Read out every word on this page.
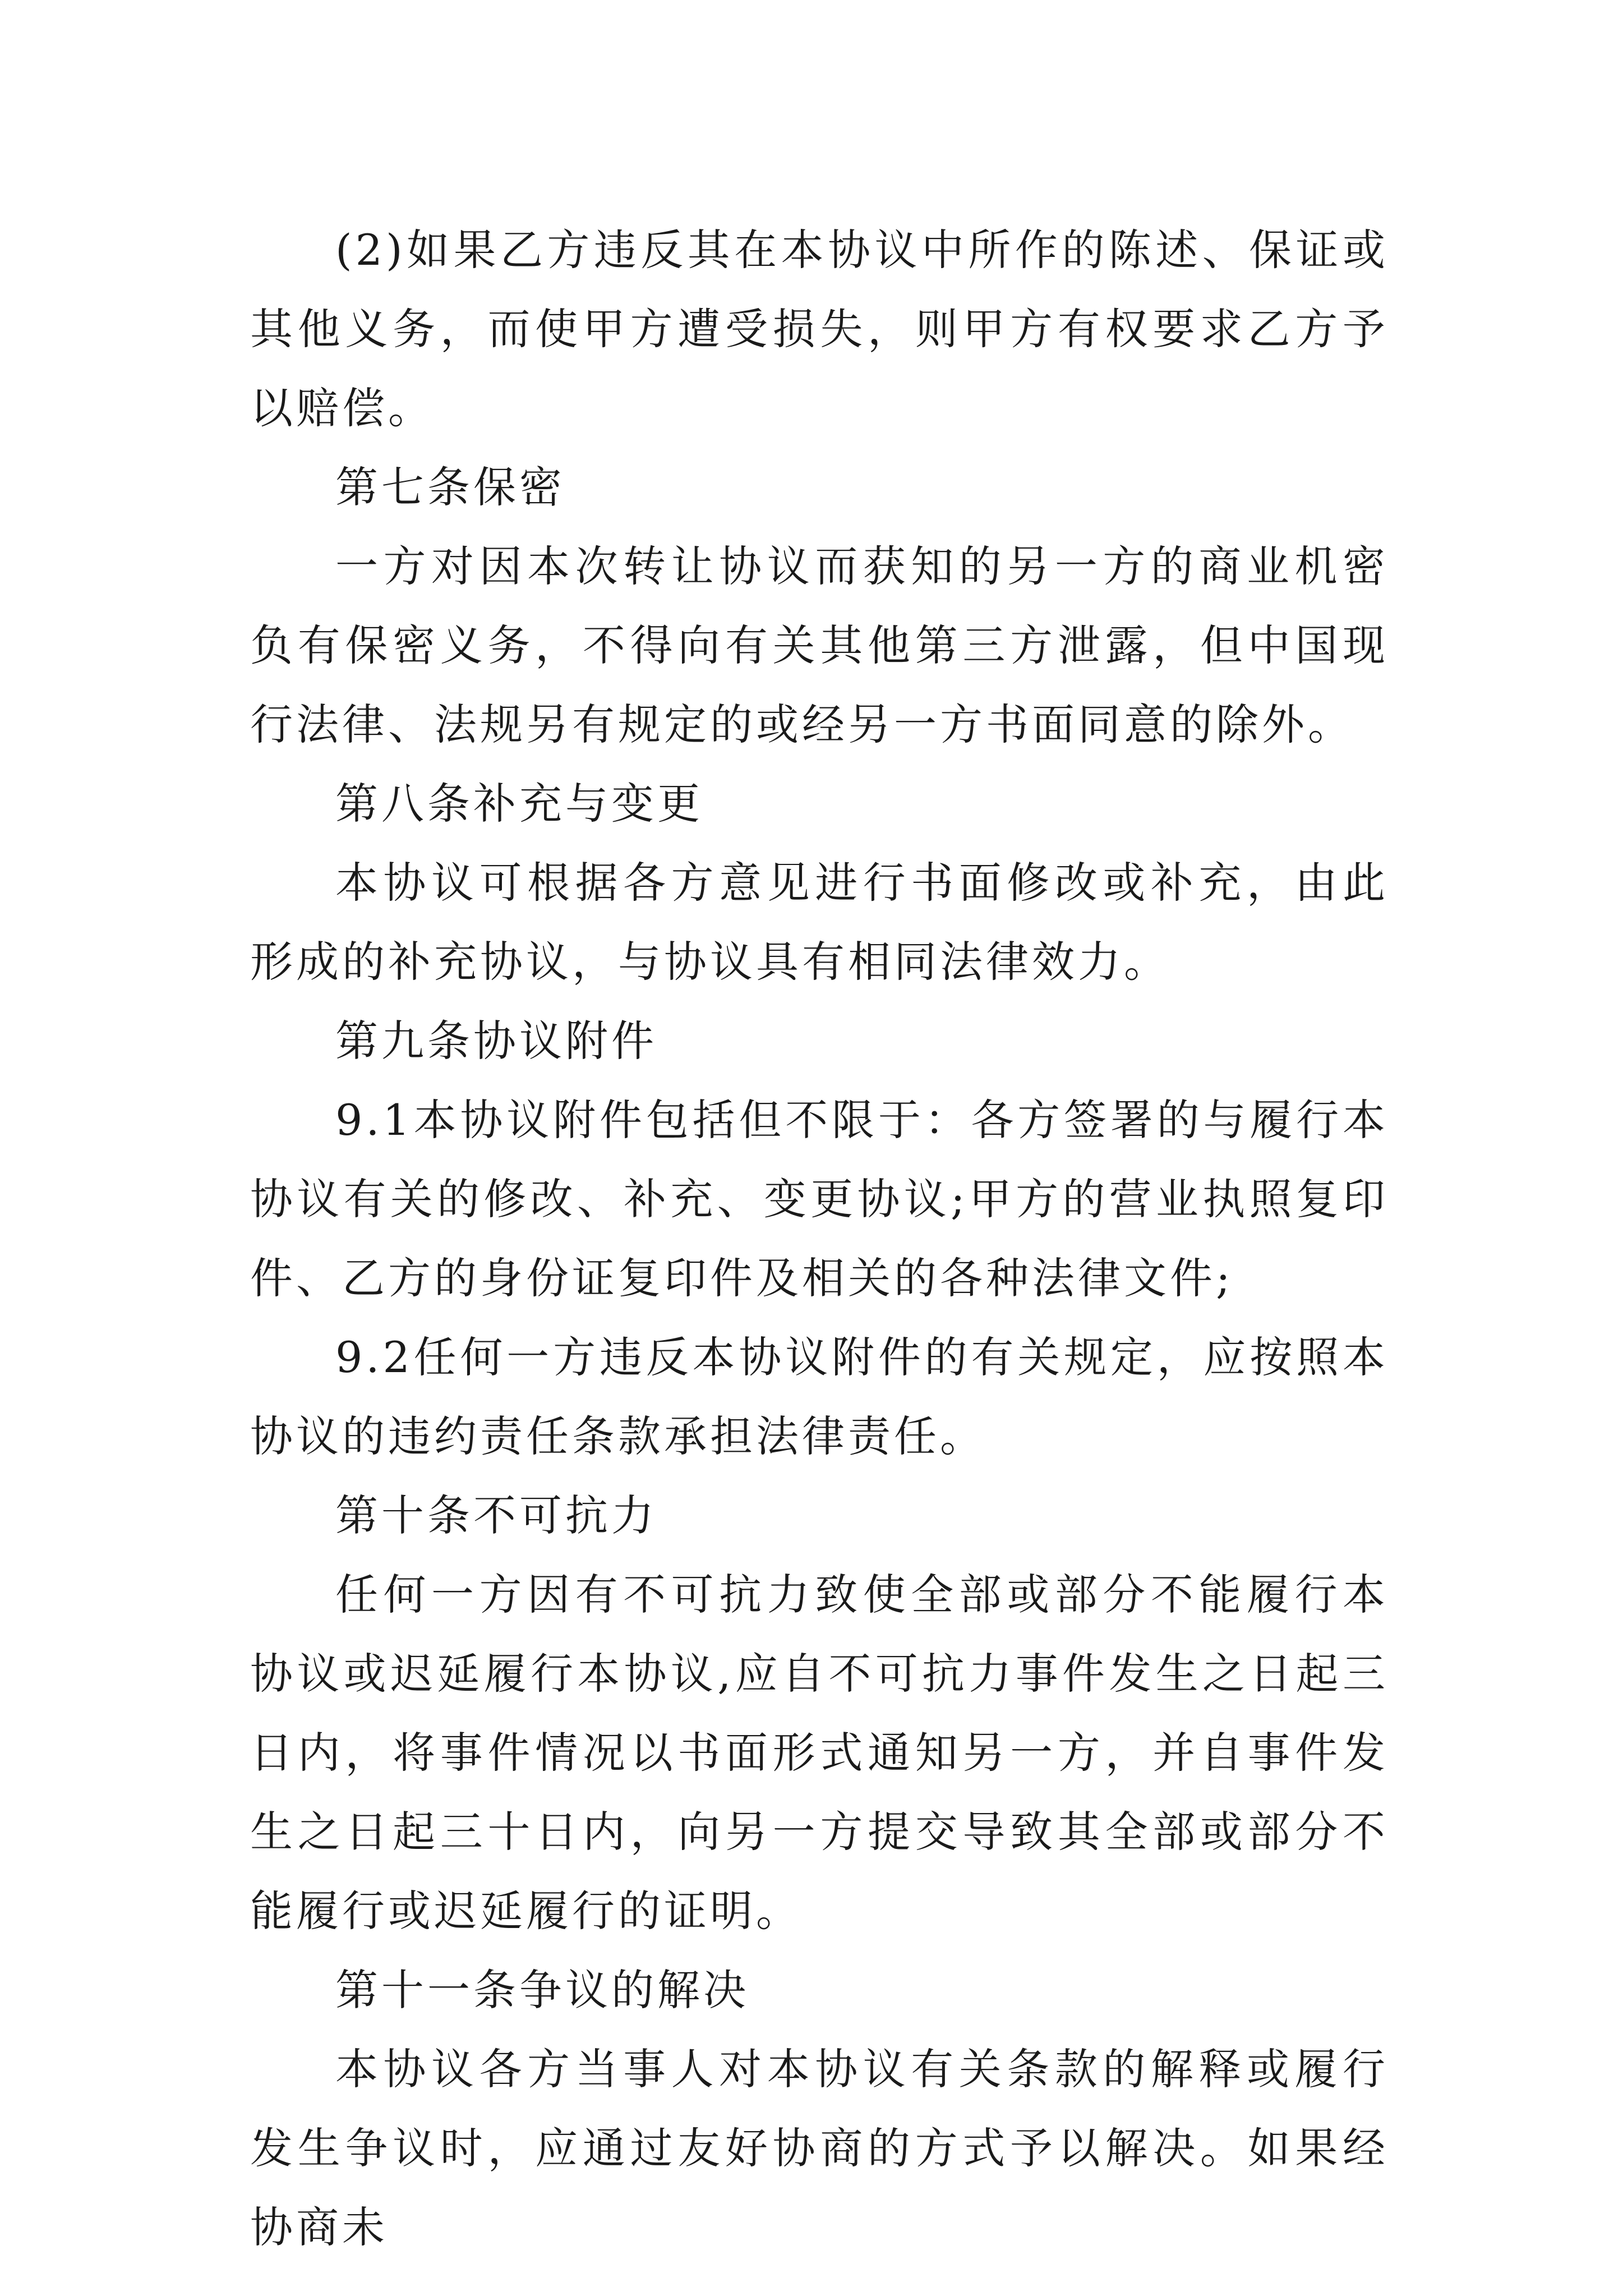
(2)如果乙方违反其在本协议中所作的陈述、保证或其他义务，而使甲方遭受损失，则甲方有权要求乙方予以赔偿。

第七条保密

一方对因本次转让协议而获知的另一方的商业机密负有保密义务，不得向有关其他第三方泄露，但中国现行法律、法规另有规定的或经另一方书面同意的除外。

第八条补充与变更

本协议可根据各方意见进行书面修改或补充，由此形成的补充协议，与协议具有相同法律效力。

第九条协议附件

9.1本协议附件包括但不限于：各方签署的与履行本协议有关的修改、补充、变更协议;甲方的营业执照复印件、乙方的身份证复印件及相关的各种法律文件;

9.2任何一方违反本协议附件的有关规定，应按照本协议的违约责任条款承担法律责任。

第十条不可抗力

任何一方因有不可抗力致使全部或部分不能履行本协议或迟延履行本协议,应自不可抗力事件发生之日起三日内，将事件情况以书面形式通知另一方，并自事件发生之日起三十日内，向另一方提交导致其全部或部分不能履行或迟延履行的证明。

第十一条争议的解决

本协议各方当事人对本协议有关条款的解释或履行发生争议时，应通过友好协商的方式予以解决。如果经协商未
